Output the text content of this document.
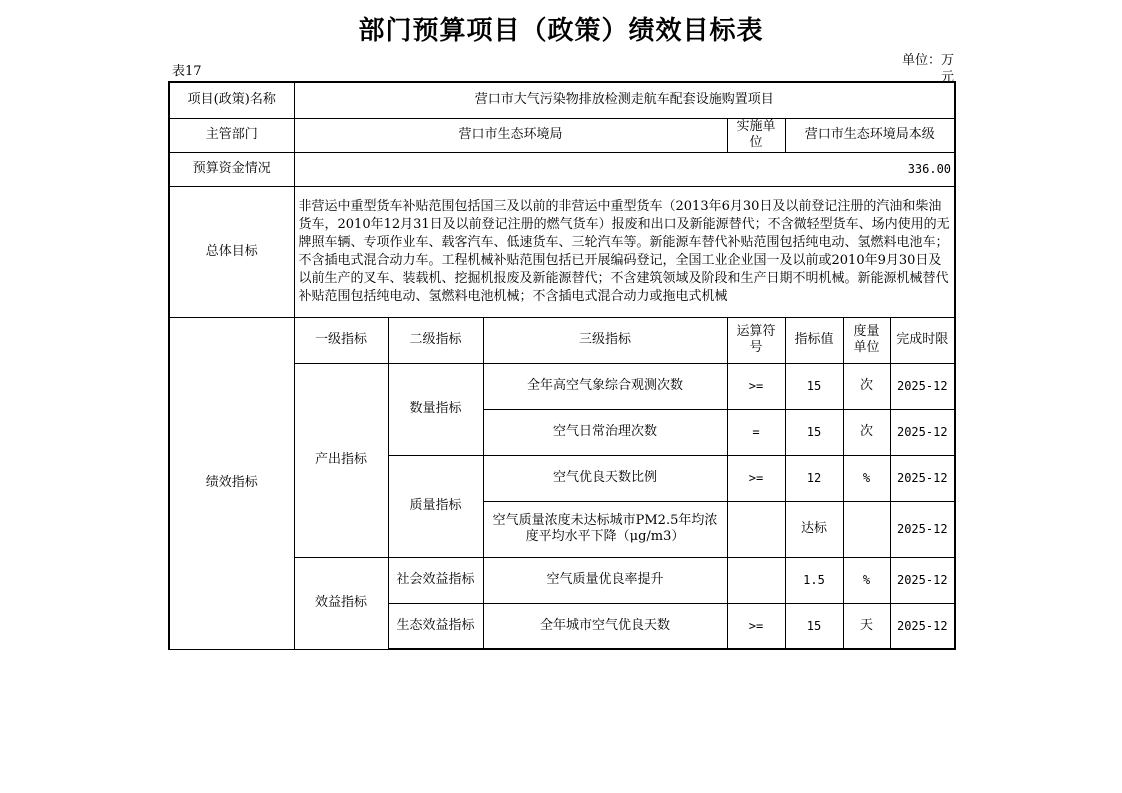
部门预算项目（政策）绩效目标表
表17
单位：万元
项目(政策)名称	营口市大气污染物排放检测走航车配套设施购置项目						
主管部门	营口市生态环境局			实施单位	营口市生态环境局本级		
预算资金情况	336.00						
总体目标	非营运中重型货车补贴范围包括国三及以前的非营运中重型货车（2013年6月30日及以前登记注册的汽油和柴油货车，2010年12月31日及以前登记注册的燃气货车）报废和出口及新能源替代；不含微轻型货车、场内使用的无牌照车辆、专项作业车、载客汽车、低速货车、三轮汽车等。新能源车替代补贴范围包括纯电动、氢燃料电池车；不含插电式混合动力车。工程机械补贴范围包括已开展编码登记，全国工业企业国一及以前或2010年9月30日及以前生产的叉车、装载机、挖掘机报废及新能源替代；不含建筑领域及阶段和生产日期不明机械。新能源机械替代补贴范围包括纯电动、氢燃料电池机械；不含插电式混合动力或拖电式机械						
绩效指标	一级指标	二级指标	三级指标	运算符号	指标值	度量单位	完成时限
	产出指标	数量指标	全年高空气象综合观测次数	>=	15	次	2025-12
			空气日常治理次数	=	15	次	2025-12
		质量指标	空气优良天数比例	>=	12	%	2025-12
			空气质量浓度未达标城市PM2.5年均浓度平均水平下降（μg/m3）		达标		2025-12
	效益指标	社会效益指标	空气质量优良率提升		1.5	%	2025-12
		生态效益指标	全年城市空气优良天数	>=	15	天	2025-12
